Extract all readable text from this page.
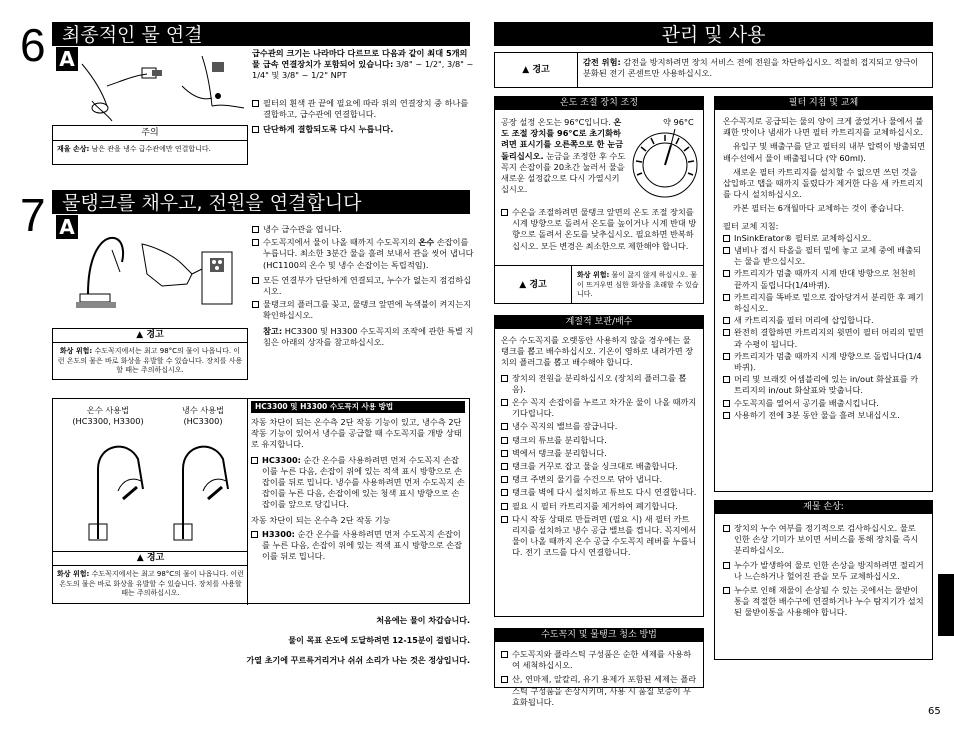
6 최종적인 물 연결
A	급수관의 크기는 나라마다 다르므로 다음과 같이 최대 5개의 물 급속 연결장치가 포함되어 있습니다: 3/8" ~ 1/2", 3/8" ~ 1/4" 및 3/8" ~ 1/2" NPT
필터의 흰색 관 끝에 필요에 따라 위의 연결장치 중 하나를 결합하고, 급수관에 연결합니다.
단단하게 결합되도록 다시 누릅니다.
주의
재울 손상: 남은 관을 냉수 급수관에만 연결합니다.
7 물탱크를 채우고, 전원을 연결합니다
A	냉수 급수관을 엽니다.
수도꼭지에서 물이 나올 때까지 수도꼭지의 온수 손잡이를 누릅니다. 최소한 3분간 물을 흘려 보내서 관을 씻어 냅니다 (HC1100의 온수 및 냉수 손잡이는 독립적임).
모든 연결부가 단단하게 연결되고, 누수가 없는지 점검하십시오.
물탱크의 플러그를 꽂고, 물탱크 앞면에 녹색불이 켜지는지 확인하십시오.
참고: HC3300 및 H3300 수도꼭지의 조작에 관한 특별 지침은 아래의 상자를 참고하십시오.
▲ 경고
화상 위험: 수도꼭지에서는 최고 98°C의 물이 나옵니다. 이런 온도의 물은 바로 화상을 유발할 수 있습니다. 장치를 사용할 때는 주의하십시오.
온수 사용법
(HC3300, H3300)
냉수 사용법
(HC3300)
▲ 경고
화상 위험: 수도꼭지에서는 최고 98°C의 물이 나옵니다. 이런 온도의 물은 바로 화상을 유발할 수 있습니다. 장치를 사용할 때는 주의하십시오.
HC3300 및 H3300 수도꼭지 사용 방법
자동 차단이 되는 온수측 2단 작동 기능이 있고, 냉수측 2단 작동 기능이 있어서 냉수를 공급할 때 수도꼭지를 개방 상태로 유지합니다.
HC3300: 순간 온수를 사용하려면 먼저 수도꼭지 손잡이를 누른 다음, 손잡이 위에 있는 적색 표시 방향으로 손잡이를 뒤로 밉니다. 냉수를 사용하려면 먼저 수도꼭지 손잡이를 누른 다음, 손잡이에 있는 청색 표시 방향으로 손잡이를 앞으로 당깁니다.
자동 차단이 되는 온수측 2단 작동 기능
H3300: 순간 온수를 사용하려면 먼저 수도꼭지 손잡이를 누른 다음, 손잡이 위에 있는 적색 표시 방향으로 손잡이를 뒤로 밉니다.
처음에는 물이 차갑습니다.
물이 목표 온도에 도달하려면 12-15분이 걸립니다.
가열 초기에 꾸르륵거리거나 쉬쉬 소리가 나는 것은 정상입니다.
관리 및 사용
▲ 경고
감전 위험: 감전을 방지하려면 장치 서비스 전에 전원을 차단하십시오. 적절히 접지되고 양극이 분화된 전기 콘센트만 사용하십시오.
온도 조절 장치 조정
공장 설정 온도는 96°C입니다. 온도 조절 장치를 96°C로 초기화하려면 표시기를 오른쪽으로 한 눈금 돌리십시오. 눈금을 조정한 후 수도꼭지 손잡이를 20초간 눌러서 물을 새로운 설정값으로 다시 가열시키십시오.
약 96°C
수온을 조절하려면 물탱크 앞면의 온도 조절 장치를 시계 방향으로 돌려서 온도를 높이거나 시계 반대 방향으로 돌려서 온도를 낮추십시오. 필요하면 반복하십시오. 모든 변경은 최소한으로 제한해야 합니다.
▲ 경고
화상 위험: 물이 끓지 않게 하십시오. 물이 뜨거우면 심한 화상을 초래할 수 있습니다.
계절적 보관/배수
온수 수도꼭지를 오랫동안 사용하지 않을 경우에는 물탱크를 뽑고 배수하십시오. 기온이 영하로 내려가면 장치의 플러그를 뽑고 배수해야 합니다.
장치의 전원을 분리하십시오 (장치의 플러그를 뽑음).
온수 꼭지 손잡이를 누르고 차가운 물이 나올 때까지 기다립니다.
냉수 꼭지의 밸브를 잠급니다.
탱크의 튜브를 분리합니다.
벽에서 탱크를 분리합니다.
탱크를 거꾸로 잡고 물을 싱크대로 배출합니다.
탱크 주변의 물기를 수건으로 닦아 냅니다.
탱크를 벽에 다시 설치하고 튜브도 다시 연결합니다.
필요 시 필터 카트리지를 제거하여 폐기합니다.
다시 작동 상태로 만들려면 (필요 시) 새 필터 카트리지를 설치하고 냉수 공급 밸브를 켭니다. 꼭지에서 물이 나올 때까지 온수 공급 수도꼭지 레버를 누릅니다. 전기 코드를 다시 연결합니다.
수도꼭지 및 물탱크 청소 방법
수도꼭지와 플라스틱 구성품은 순한 세제를 사용하여 세척하십시오.
산, 연마제, 알칼리, 유기 용제가 포함된 세제는 플라스틱 구성품을 손상시키며, 사용 시 품질 보증이 무효화됩니다.
필터 지침 및 교체
온수꼭지로 공급되는 물의 양이 크게 줄었거나 물에서 불쾌한 맛이나 냄새가 나면 필터 카트리지를 교체하십시오.
유입구 및 배출구를 닫고 필터의 내부 압력이 방출되면 배수선에서 물이 배출됩니다 (약 60ml).
새로운 필터 카트리지를 설치할 수 없으면 쓰던 것을 삽입하고 탭을 때까지 돌렸다가 제거한 다음 새 카트리지를 다시 설치하십시오.
카본 필터는 6개월마다 교체하는 것이 좋습니다.
필터 교체 지침:
InSinkErator® 필터로 교체하십시오.
냄비나 접시 타올을 필터 밑에 놓고 교체 중에 배출되는 물을 받으십시오.
카트리지가 멈출 때까지 시계 반대 방향으로 천천히 끝까지 돌립니다(1/4바퀴).
카트리지를 똑바로 밑으로 잡아당겨서 분리한 후 폐기하십시오.
새 카트리지를 필터 머리에 삽입합니다.
완전히 결합하면 카트리지의 윗면이 필터 머리의 밑면과 수평이 됩니다.
카트리지가 멈출 때까지 시계 방향으로 돌립니다(1/4바퀴).
머리 및 브래킷 어셈블리에 있는 in/out 화살표를 카트리지의 in/out 화살표와 맞춥니다.
수도꼭지를 열어서 공기를 배출시킵니다.
사용하기 전에 3분 동안 물을 흘려 보내십시오.
재물 손상:
장치의 누수 여부를 정기적으로 검사하십시오. 물로 인한 손상 기미가 보이면 서비스를 통해 장치를 즉시 분리하십시오.
누수가 발생하여 물로 인한 손상을 방지하려면 절리거나 느슨하거나 헐어진 관을 모두 교체하십시오.
누수로 인해 재물이 손상될 수 있는 곳에서는 물받이통을 적절한 배수구에 연결하거나 누수 탐지기가 설치된 물받이통을 사용해야 합니다.
65
